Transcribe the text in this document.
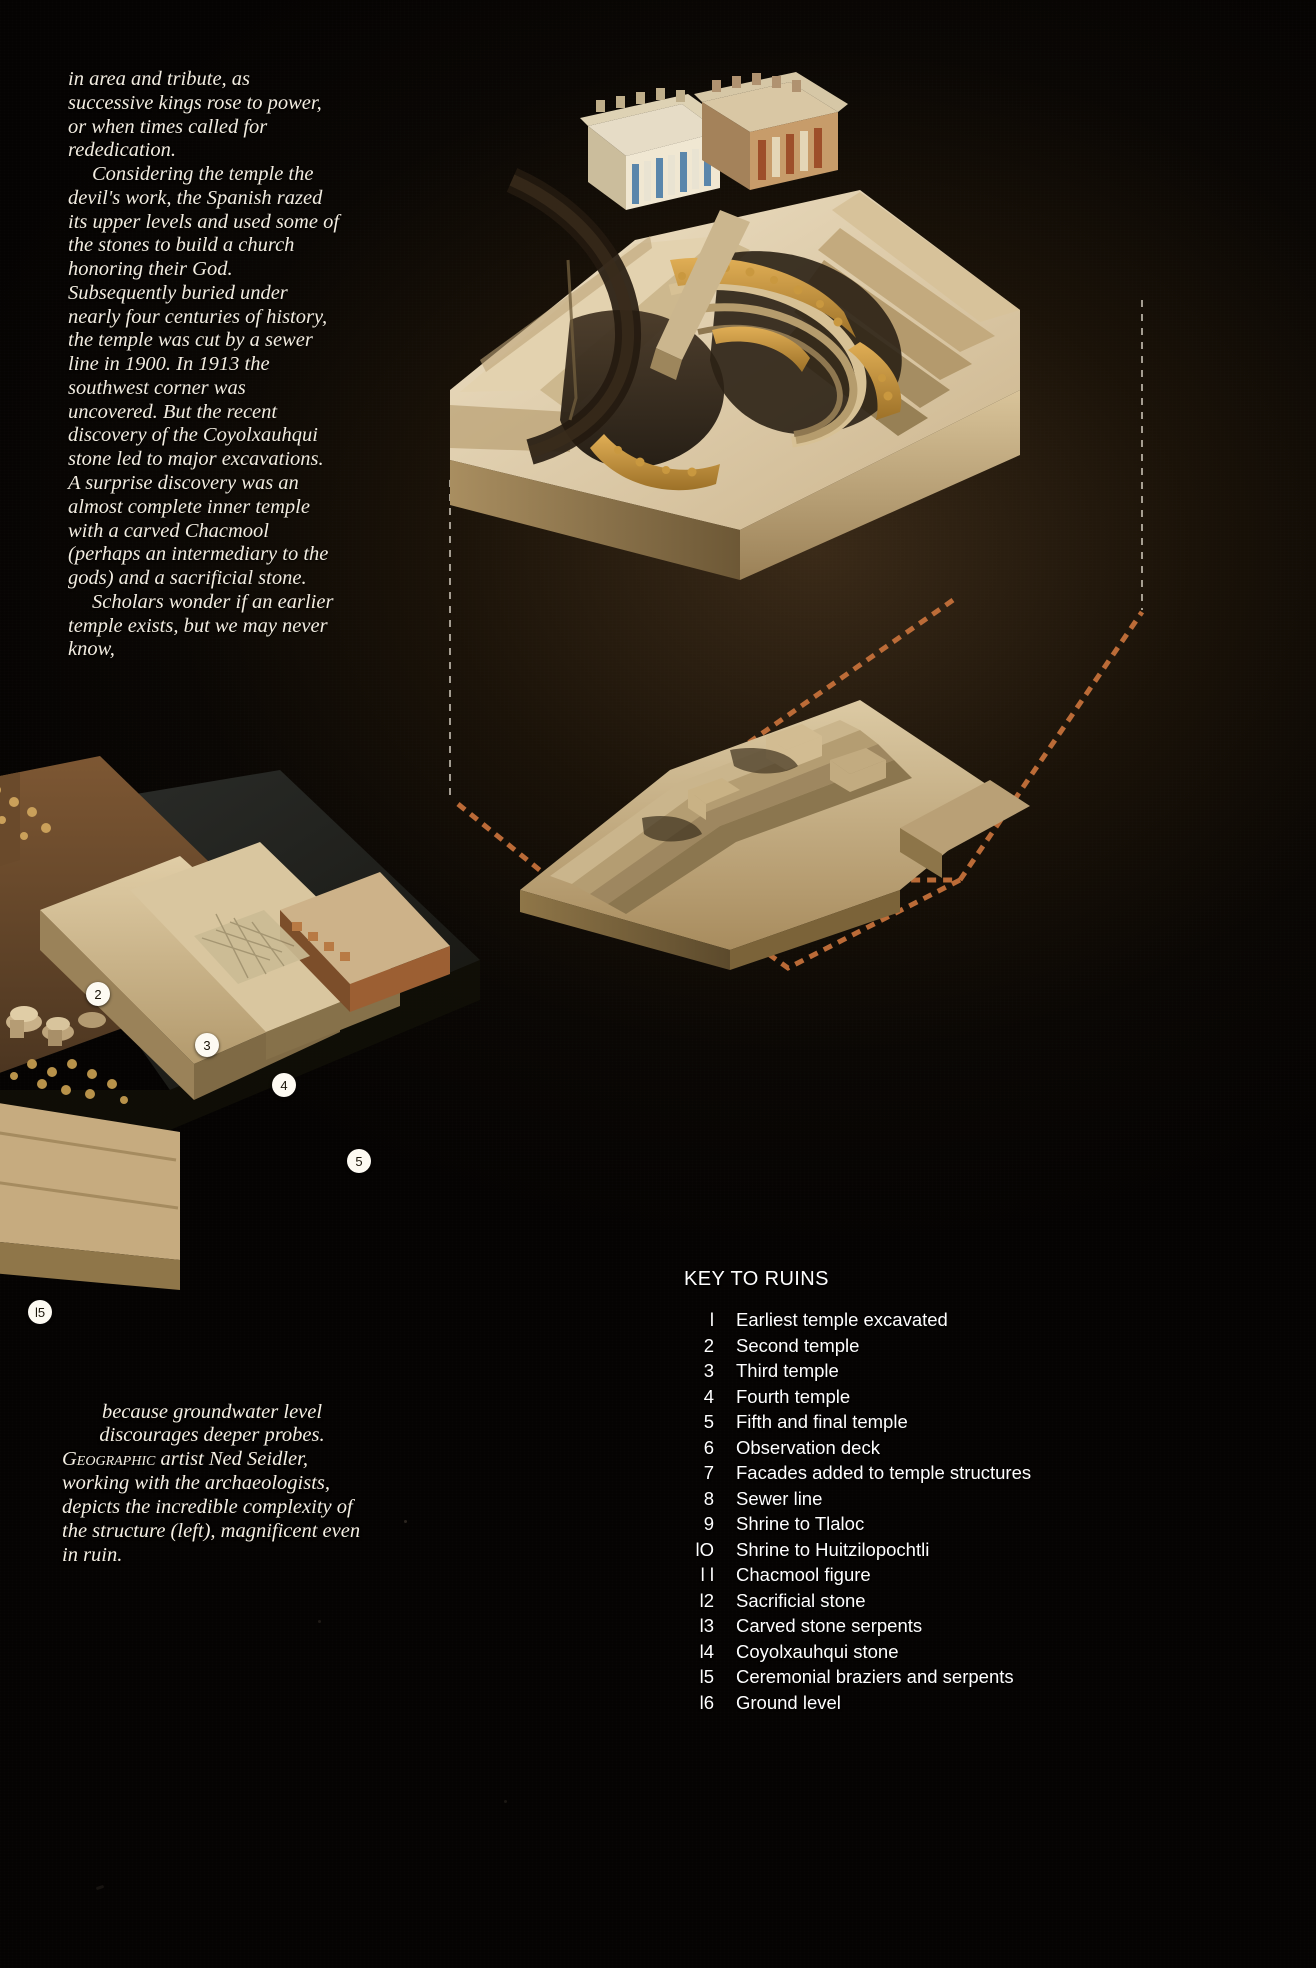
2
3
4
5
l5

in area and tribute, as successive kings rose to power, or when times called for rededication.

Considering the temple the devil's work, the Spanish razed its upper levels and used some of the stones to build a church honoring their God. Subsequently buried under nearly four centuries of history, the temple was cut by a sewer line in 1900. In 1913 the southwest corner was uncovered. But the recent discovery of the Coyolxauhqui stone led to major excavations. A surprise discovery was an almost complete inner temple with a carved Chacmool (perhaps an intermediary to the gods) and a sacrificial stone.

Scholars wonder if an earlier temple exists, but we may never know,

because groundwater level discourages deeper probes.
Geographic artist Ned Seidler, working with the archaeologists, depicts the incredible complexity of the structure (left), magnificent even in ruin.

KEY TO RUINS
l	Earliest temple excavated
2	Second temple
3	Third temple
4	Fourth temple
5	Fifth and final temple
6	Observation deck
7	Facades added to temple structures
8	Sewer line
9	Shrine to Tlaloc
lO	Shrine to Huitzilopochtli
l l	Chacmool figure
l2	Sacrificial stone
l3	Carved stone serpents
l4	Coyolxauhqui stone
l5	Ceremonial braziers and serpents
l6	Ground level
